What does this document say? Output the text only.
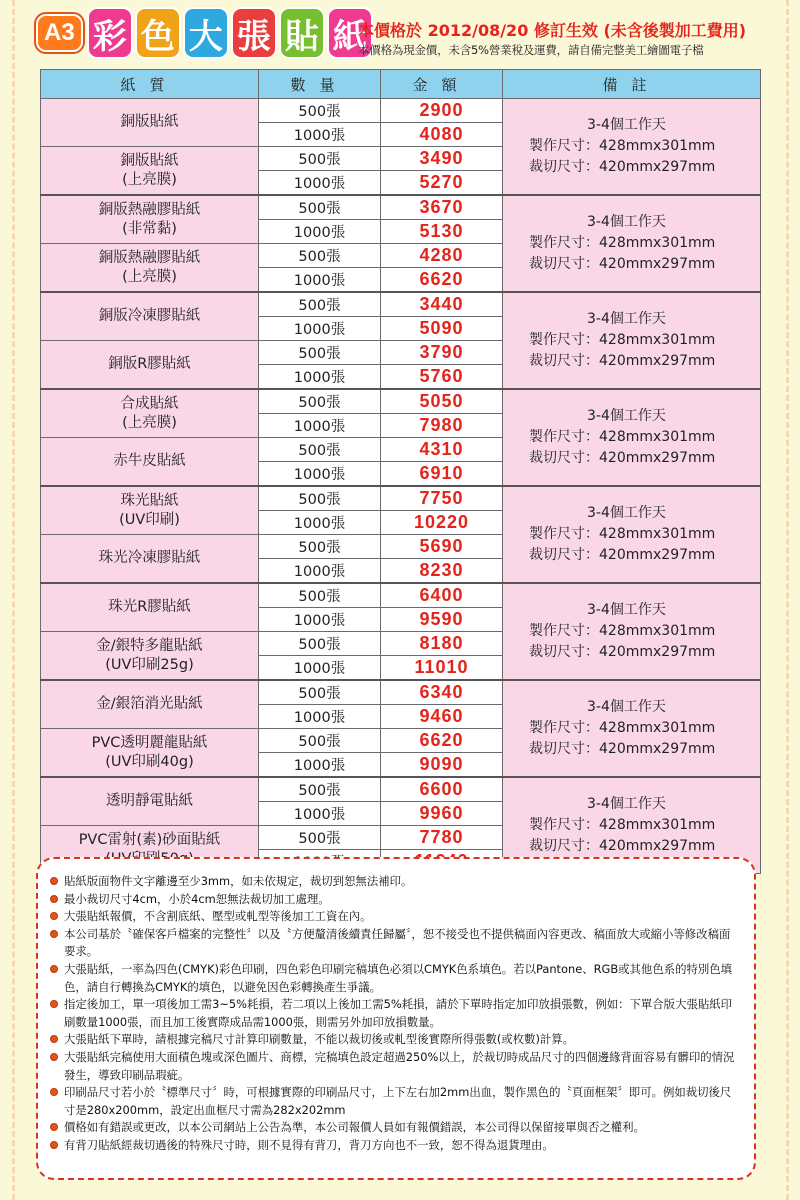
A3 彩 色 大 張 貼 紙
本價格於 2012/08/20 修訂生效 (未含後製加工費用)
本價格為現金價，未含5%營業稅及運費，請自備完整美工繪圖電子檔
紙質	數量	金額	備註
銅版貼紙	500張	2900	3-4個工作天
製作尺寸：428mmx301mm
裁切尺寸：420mmx297mm

	1000張	4080	
銅版貼紙
(上亮膜)	500張	3490	
	1000張	5270	
銅版熱融膠貼紙
(非常黏)	500張	3670	3-4個工作天
製作尺寸：428mmx301mm
裁切尺寸：420mmx297mm

	1000張	5130	
銅版熱融膠貼紙
(上亮膜)	500張	4280	
	1000張	6620	
銅版冷凍膠貼紙	500張	3440	3-4個工作天
製作尺寸：428mmx301mm
裁切尺寸：420mmx297mm

	1000張	5090	
銅版R膠貼紙	500張	3790	
	1000張	5760	
合成貼紙
(上亮膜)	500張	5050	3-4個工作天
製作尺寸：428mmx301mm
裁切尺寸：420mmx297mm

	1000張	7980	
赤牛皮貼紙	500張	4310	
	1000張	6910	
珠光貼紙
(UV印刷)	500張	7750	3-4個工作天
製作尺寸：428mmx301mm
裁切尺寸：420mmx297mm

	1000張	10220	
珠光冷凍膠貼紙	500張	5690	
	1000張	8230	
珠光R膠貼紙	500張	6400	3-4個工作天
製作尺寸：428mmx301mm
裁切尺寸：420mmx297mm

	1000張	9590	
金/銀特多龍貼紙
(UV印刷25g)	500張	8180	
	1000張	11010	
金/銀箔消光貼紙	500張	6340	3-4個工作天
製作尺寸：428mmx301mm
裁切尺寸：420mmx297mm

	1000張	9460	
PVC透明麗龍貼紙
(UV印刷40g)	500張	6620	
	1000張	9090	
透明靜電貼紙	500張	6600	3-4個工作天
製作尺寸：428mmx301mm
裁切尺寸：420mmx297mm

	1000張	9960	
PVC雷射(素)砂面貼紙	500張	7780	

貼紙版面物件文字離邊至少3mm，如未依規定，裁切到恕無法補印。
最小裁切尺寸4cm，小於4cm恕無法裁切加工處理。
大張貼紙報價，不含割底紙、壓型或軋型等後加工工資在內。
本公司基於〝確保客戶檔案的完整性〞以及〝方便釐清後續責任歸屬〞，恕不接受也不提供稿面內容更改、稿面放大或縮小等修改稿面要求。
大張貼紙，一率為四色(CMYK)彩色印刷，四色彩色印刷完稿填色必須以CMYK色系填色。若以Pantone、RGB或其他色系的特別色填色，請自行轉換為CMYK的填色，以避免因色彩轉換產生爭議。
指定後加工，單一項後加工需3~5%耗損，若二項以上後加工需5%耗損，請於下單時指定加印放損張數，例如：下單合版大張貼紙印刷數量1000張，而且加工後實際成品需1000張，則需另外加印放損數量。
大張貼紙下單時，請根據完稿尺寸計算印刷數量，不能以裁切後或軋型後實際所得張數(或枚數)計算。
大張貼紙完稿使用大面積色塊或深色圖片、商標，完稿填色設定超過250%以上，於裁切時成品尺寸的四個邊緣背面容易有髒印的情況發生，導致印刷品瑕疵。
印刷品尺寸若小於〝標準尺寸〞時，可根據實際的印刷品尺寸，上下左右加2mm出血，製作黑色的〝頁面框架〞即可。例如裁切後尺寸是280x200mm，設定出血框尺寸需為282x202mm
價格如有錯誤或更改，以本公司網站上公告為準，本公司報價人員如有報價錯誤，本公司得以保留接單與否之權利。
有背刀貼紙經裁切過後的特殊尺寸時，則不見得有背刀，背刀方向也不一致，恕不得為退貨理由。
